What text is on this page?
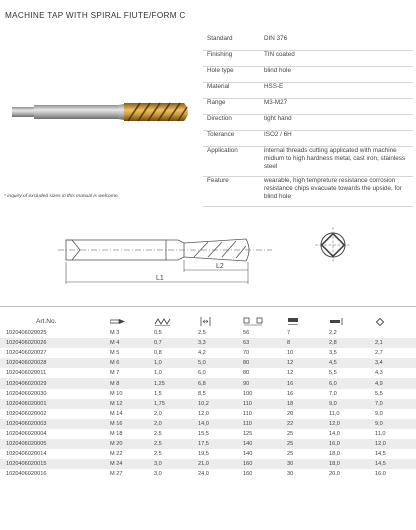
MACHINE TAP WITH SPIRAL FIUTE/FORM C
* inquiry of excluded sizes in this manual is welcome.
Standard	DIN 376
Finishing	TIN coated
Hole type	blind hole
Material	HSS-E
Range	M3-M27
Direction	tight hand
Tolerance	ISO2 / 6H
Application	internal threads cutting applicated with machine midium to high hardness metal, cast iron, stainless steel
Feature	wearable, high tempreture resistance corrosion resistance chips evacuate towards the upside, for blind hole
L1
L2
Art.No.	

1020406020025	M 3	0,5	2,5	56	7	2,2	
1020406020026	M 4	0,7	3,3	63	8	2,8	2,1
1020406020027	M 5	0,8	4,2	70	10	3,5	2,7
1020406020028	M 6	1,0	5,0	80	12	4,5	3,4
1020406020011	M 7	1,0	6,0	80	12	5,5	4,3
1020406020029	M 8	1,25	6,8	90	16	6,0	4,9
1020406020030	M 10	1,5	8,5	100	16	7,0	5,5
1020406020001	M 12	1,75	10,2	110	18	9,0	7,0
1020406020002	M 14	2,0	12,0	110	20	11,0	9,0
1020406020003	M 16	2,0	14,0	110	22	12,0	9,0
1020406020004	M 18	2,5	15,5	125	25	14,0	11,0
1020406020005	M 20	2,5	17,5	140	25	16,0	12,0
1020406020014	M 22	2,5	19,5	140	25	18,0	14,5
1020406020015	M 24	3,0	21,0	160	30	18,0	14,5
1020406020016	M 27	3,0	24,0	160	30	20,0	16,0
